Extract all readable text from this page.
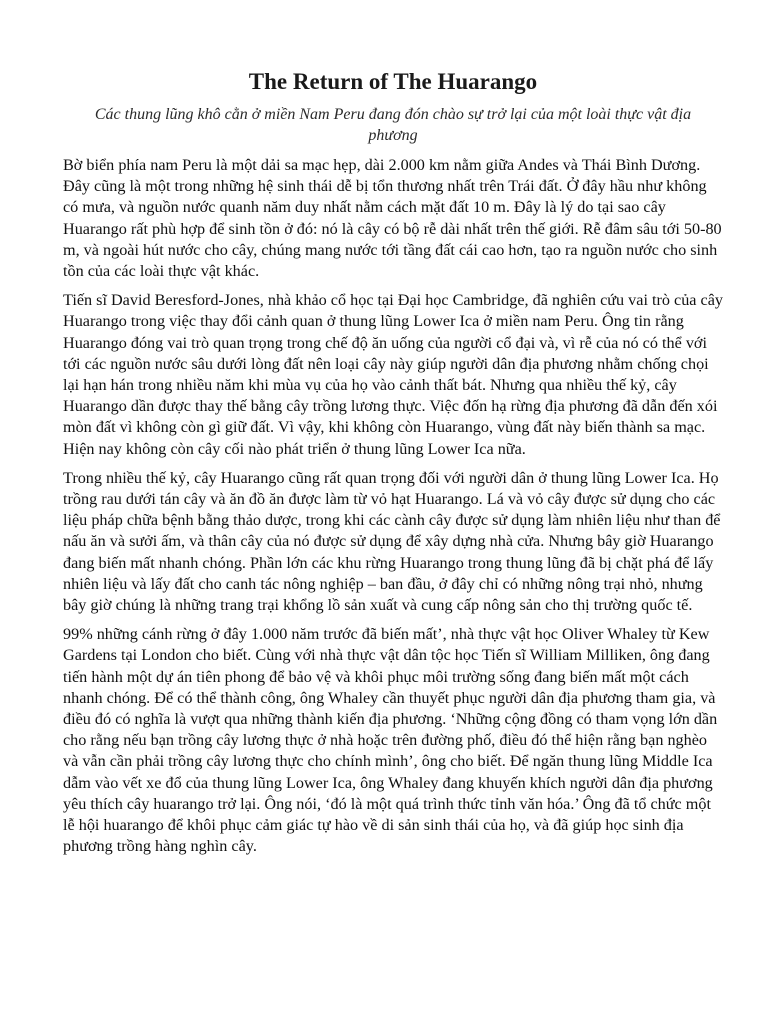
The Return of The Huarango

Các thung lũng khô cằn ở miền Nam Peru đang đón chào sự trở lại của một loài thực vật địa phương

Bờ biển phía nam Peru là một dải sa mạc hẹp, dài 2.000 km nằm giữa Andes và Thái Bình Dương. Đây cũng là một trong những hệ sinh thái dễ bị tổn thương nhất trên Trái đất. Ở đây hầu như không có mưa, và nguồn nước quanh năm duy nhất nằm cách mặt đất 10 m. Đây là lý do tại sao cây Huarango rất phù hợp để sinh tồn ở đó: nó là cây có bộ rễ dài nhất trên thế giới. Rễ đâm sâu tới 50-80 m, và ngoài hút nước cho cây, chúng mang nước tới tầng đất cái cao hơn, tạo ra nguồn nước cho sinh tồn của các loài thực vật khác.

Tiến sĩ David Beresford-Jones, nhà khảo cổ học tại Đại học Cambridge, đã nghiên cứu vai trò của cây Huarango trong việc thay đổi cảnh quan ở thung lũng Lower Ica ở miền nam Peru. Ông tin rằng Huarango đóng vai trò quan trọng trong chế độ ăn uống của người cổ đại và, vì rễ của nó có thể với tới các nguồn nước sâu dưới lòng đất nên loại cây này giúp người dân địa phương nhằm chống chọi lại hạn hán trong nhiều năm khi mùa vụ của họ vào cảnh thất bát. Nhưng qua nhiều thế kỷ, cây Huarango dần được thay thế bằng cây trồng lương thực. Việc đốn hạ rừng địa phương đã dẫn đến xói mòn đất vì không còn gì giữ đất. Vì vậy, khi không còn Huarango, vùng đất này biến thành sa mạc. Hiện nay không còn cây cối nào phát triển ở thung lũng Lower Ica nữa.

Trong nhiều thế kỷ, cây Huarango cũng rất quan trọng đối với người dân ở thung lũng Lower Ica. Họ trồng rau dưới tán cây và ăn đồ ăn được làm từ vỏ hạt Huarango. Lá và vỏ cây được sử dụng cho các liệu pháp chữa bệnh bằng thảo dược, trong khi các cành cây được sử dụng làm nhiên liệu như than để nấu ăn và sưởi ấm, và thân cây của nó được sử dụng để xây dựng nhà cửa. Nhưng bây giờ Huarango đang biến mất nhanh chóng. Phần lớn các khu rừng Huarango trong thung lũng đã bị chặt phá để lấy nhiên liệu và lấy đất cho canh tác nông nghiệp – ban đầu, ở đây chỉ có những nông trại nhỏ, nhưng bây giờ chúng là những trang trại khổng lồ sản xuất và cung cấp nông sản cho thị trường quốc tế.

99% những cánh rừng ở đây 1.000 năm trước đã biến mất’, nhà thực vật học Oliver Whaley từ Kew Gardens tại London cho biết. Cùng với nhà thực vật dân tộc học Tiến sĩ William Milliken, ông đang tiến hành một dự án tiên phong để bảo vệ và khôi phục môi trường sống đang biến mất một cách nhanh chóng. Để có thể thành công, ông Whaley cần thuyết phục người dân địa phương tham gia, và điều đó có nghĩa là vượt qua những thành kiến địa phương. ‘Những cộng đồng có tham vọng lớn dần cho rằng nếu bạn trồng cây lương thực ở nhà hoặc trên đường phố, điều đó thể hiện rằng bạn nghèo và vẫn cần phải trồng cây lương thực cho chính mình’, ông cho biết. Để ngăn thung lũng Middle Ica dẫm vào vết xe đổ của thung lũng Lower Ica, ông Whaley đang khuyến khích người dân địa phương yêu thích cây huarango trở lại. Ông nói, ‘đó là một quá trình thức tỉnh văn hóa.’ Ông đã tổ chức một lễ hội huarango để khôi phục cảm giác tự hào về di sản sinh thái của họ, và đã giúp học sinh địa phương trồng hàng nghìn cây.
